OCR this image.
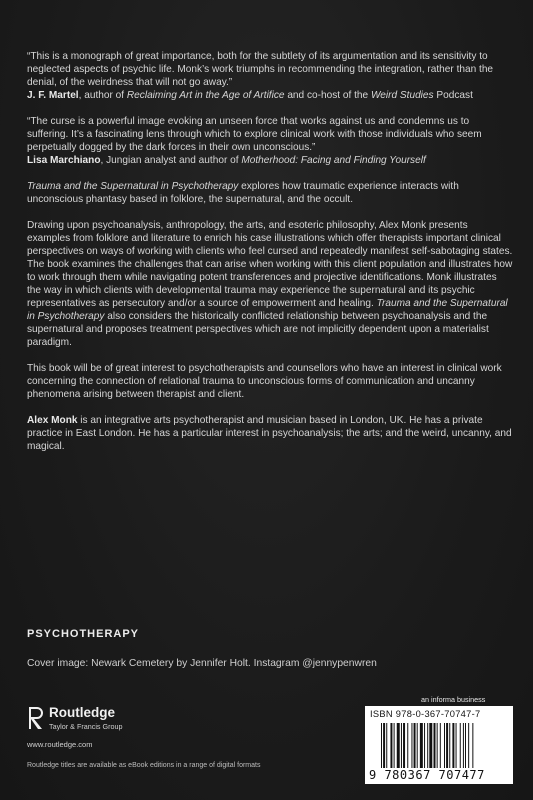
“This is a monograph of great importance, both for the subtlety of its argumentation and its sensitivity to neglected aspects of psychic life. Monk’s work triumphs in recommending the integration, rather than the denial, of the weirdness that will not go away.”

J. F. Martel, author of Reclaiming Art in the Age of Artifice and co-host of the Weird Studies Podcast

“The curse is a powerful image evoking an unseen force that works against us and condemns us to suffering. It’s a fascinating lens through which to explore clinical work with those individuals who seem perpetually dogged by the dark forces in their own unconscious.”

Lisa Marchiano, Jungian analyst and author of Motherhood: Facing and Finding Yourself

Trauma and the Supernatural in Psychotherapy explores how traumatic experience interacts with unconscious phantasy based in folklore, the supernatural, and the occult.

Drawing upon psychoanalysis, anthropology, the arts, and esoteric philosophy, Alex Monk presents examples from folklore and literature to enrich his case illustrations which offer therapists important clinical perspectives on ways of working with clients who feel cursed and repeatedly manifest self-sabotaging states. The book examines the challenges that can arise when working with this client population and illustrates how to work through them while navigating potent transferences and projective identifications. Monk illustrates the way in which clients with developmental trauma may experience the supernatural and its psychic representatives as persecutory and/or a source of empowerment and healing. Trauma and the Supernatural in Psychotherapy also considers the historically conflicted relationship between psychoanalysis and the supernatural and proposes treatment perspectives which are not implicitly dependent upon a materialist paradigm.

This book will be of great interest to psychotherapists and counsellors who have an interest in clinical work concerning the connection of relational trauma to unconscious forms of communication and uncanny phenomena arising between therapist and client.

Alex Monk is an integrative arts psychotherapist and musician based in London, UK. He has a private practice in East London. He has a particular interest in psychoanalysis; the arts; and the weird, uncanny, and magical.

PSYCHOTHERAPY
Cover image: Newark Cemetery by Jennifer Holt. Instagram @jennypenwren
Routledge
Taylor & Francis Group
www.routledge.com
Routledge titles are available as eBook editions in a range of digital formats
an informa business
ISBN 978-0-367-70747-7
9 780367 707477
